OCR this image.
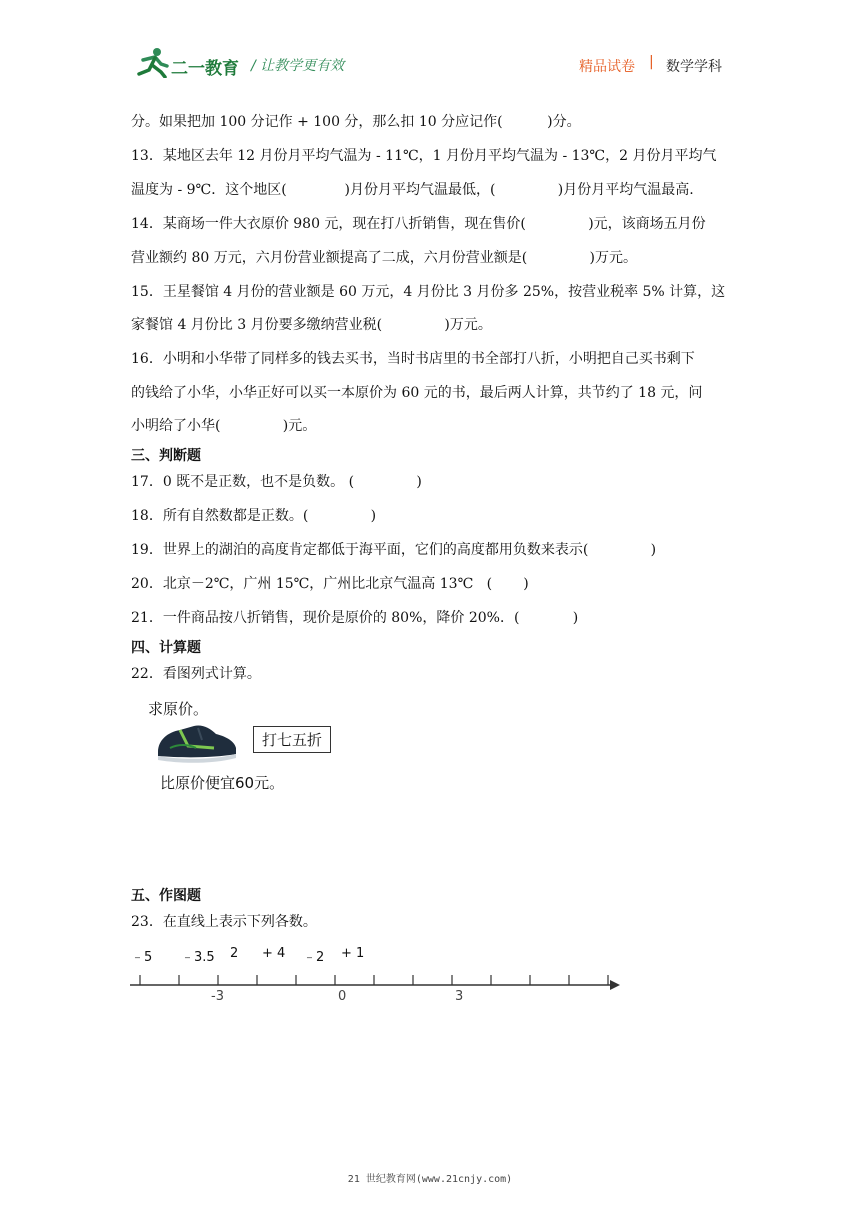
二一教育 / 让教学更有效	精品试卷 | 数学学科
分。如果把加 100 分记作 + 100 分，那么扣 10 分应记作(          )分。
13．某地区去年 12 月份月平均气温为 - 11℃，1 月份月平均气温为 - 13℃，2 月份月平均气
温度为 - 9℃．这个地区(             )月份月平均气温最低，(              )月份月平均气温最高.
14．某商场一件大衣原价 980 元，现在打八折销售，现在售价(              )元，该商场五月份
营业额约 80 万元，六月份营业额提高了二成，六月份营业额是(              )万元。
15．王星餐馆 4 月份的营业额是 60 万元，4 月份比 3 月份多 25%，按营业税率 5% 计算，这
家餐馆 4 月份比 3 月份要多缴纳营业税(              )万元。
16．小明和小华带了同样多的钱去买书，当时书店里的书全部打八折，小明把自己买书剩下
的钱给了小华，小华正好可以买一本原价为 60 元的书，最后两人计算，共节约了 18 元，问
小明给了小华(              )元。
三、判断题
17．0 既不是正数，也不是负数。 (              )
18．所有自然数都是正数。(              )
19．世界上的湖泊的高度肯定都低于海平面，它们的高度都用负数来表示(              )
20．北京－2℃，广州 15℃，广州比北京气温高 13℃   (       )
21．一件商品按八折销售，现价是原价的 80%，降价 20%．(            )
四、计算题
22．看图列式计算。
求原价。
打七五折
比原价便宜60元。
五、作图题
23．在直线上表示下列各数。
﹣5 ﹣3.5 2 + 4 ﹣2 + 1
-3	0	3
21 世纪教育网(www.21cnjy.com)
